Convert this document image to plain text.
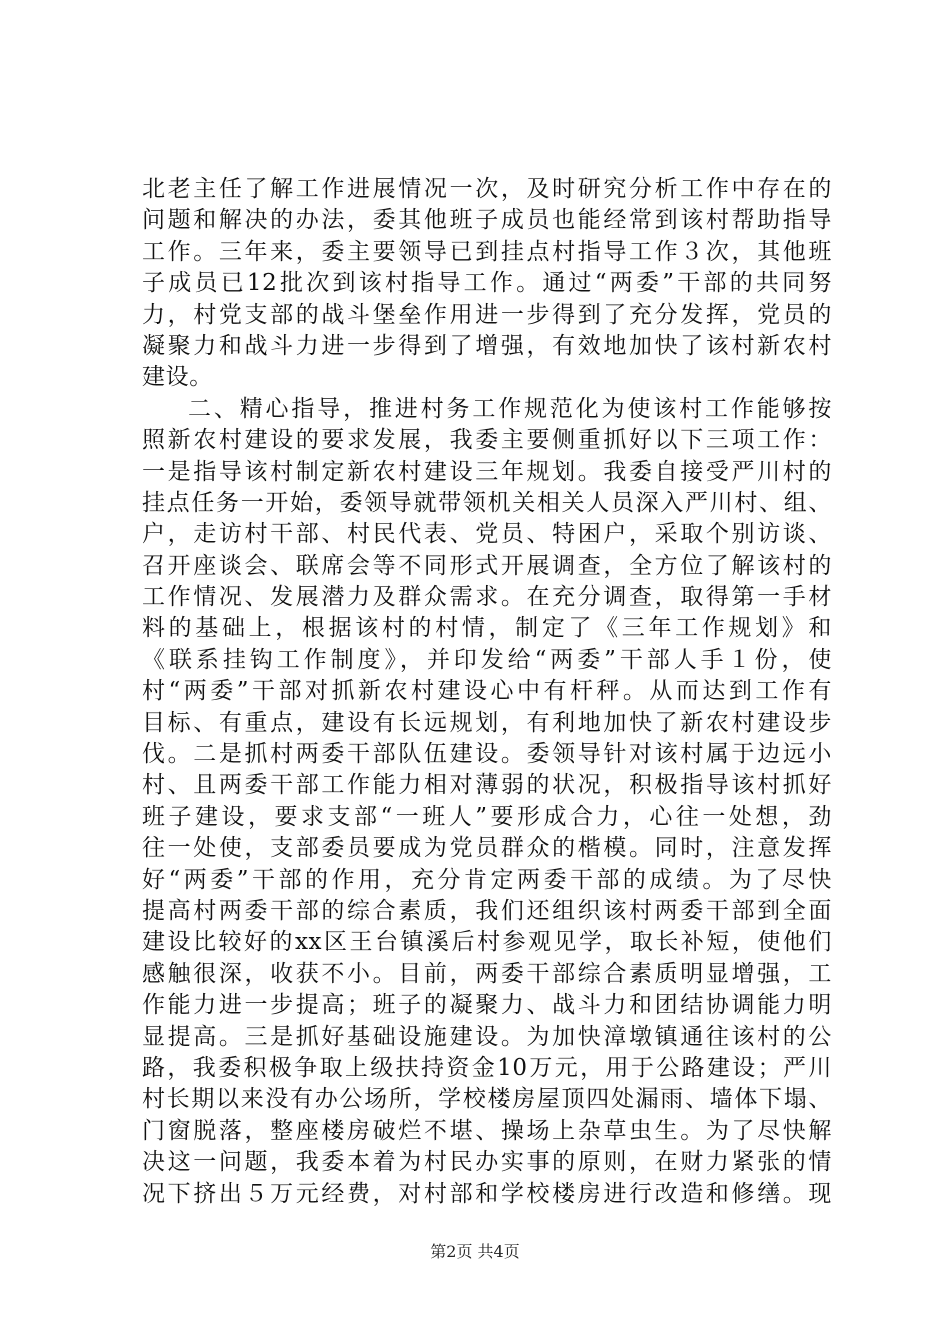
北老主任了解工作进展情况一次，及时研究分析工作中存在的
问题和解决的办法，委其他班子成员也能经常到该村帮助指导
工作。三年来，委主要领导已到挂点村指导工作３次，其他班
子成员已12批次到该村指导工作。通过“两委”干部的共同努
力，村党支部的战斗堡垒作用进一步得到了充分发挥，党员的
凝聚力和战斗力进一步得到了增强，有效地加快了该村新农村
建设。
二、精心指导，推进村务工作规范化为使该村工作能够按
照新农村建设的要求发展，我委主要侧重抓好以下三项工作：
一是指导该村制定新农村建设三年规划。我委自接受严川村的
挂点任务一开始，委领导就带领机关相关人员深入严川村、组、
户，走访村干部、村民代表、党员、特困户，采取个别访谈、
召开座谈会、联席会等不同形式开展调查，全方位了解该村的
工作情况、发展潜力及群众需求。在充分调查，取得第一手材
料的基础上，根据该村的村情，制定了《三年工作规划》和
《联系挂钩工作制度》，并印发给“两委”干部人手１份，使
村“两委”干部对抓新农村建设心中有杆秤。从而达到工作有
目标、有重点，建设有长远规划，有利地加快了新农村建设步
伐。二是抓村两委干部队伍建设。委领导针对该村属于边远小
村、且两委干部工作能力相对薄弱的状况，积极指导该村抓好
班子建设，要求支部“一班人”要形成合力，心往一处想，劲
往一处使，支部委员要成为党员群众的楷模。同时，注意发挥
好“两委”干部的作用，充分肯定两委干部的成绩。为了尽快
提高村两委干部的综合素质，我们还组织该村两委干部到全面
建设比较好的xx区王台镇溪后村参观见学，取长补短，使他们
感触很深，收获不小。目前，两委干部综合素质明显增强，工
作能力进一步提高；班子的凝聚力、战斗力和团结协调能力明
显提高。三是抓好基础设施建设。为加快漳墩镇通往该村的公
路，我委积极争取上级扶持资金10万元，用于公路建设；严川
村长期以来没有办公场所，学校楼房屋顶四处漏雨、墙体下塌、
门窗脱落，整座楼房破烂不堪、操场上杂草虫生。为了尽快解
决这一问题，我委本着为村民办实事的原则，在财力紧张的情
况下挤出５万元经费，对村部和学校楼房进行改造和修缮。现
第2页 共4页
